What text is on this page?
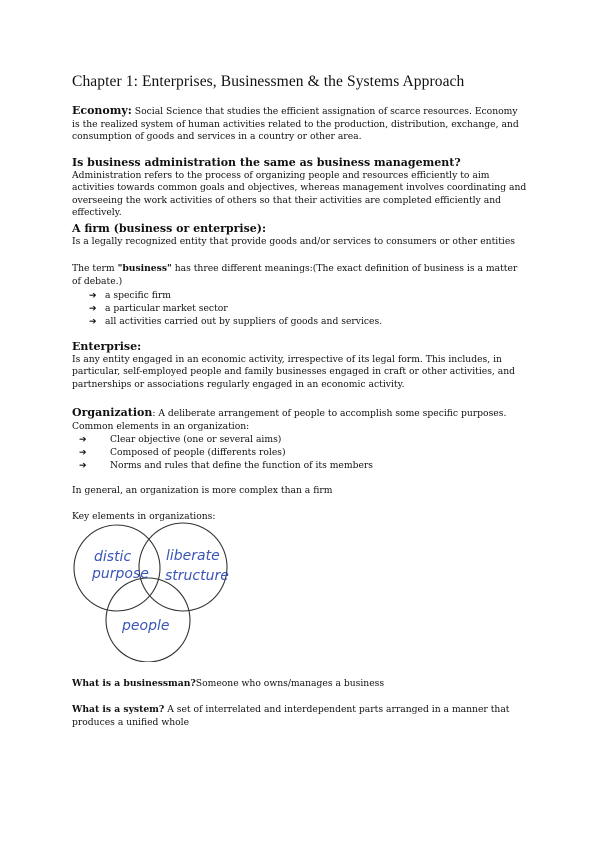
Chapter 1: Enterprises, Businessmen & the Systems Approach
Economy: Social Science that studies the efficient assignation of scarce resources. Economy is the realized system of human activities related to the production, distribution, exchange, and consumption of goods and services in a country or other area.
Is business administration the same as business management?
Administration refers to the process of organizing people and resources efficiently to aim activities towards common goals and objectives, whereas management involves coordinating and overseeing the work activities of others so that their activities are completed efficiently and effectively.
A firm (business or enterprise):
Is a legally recognized entity that provide goods and/or services to consumers or other entities
The term "business" has three different meanings:(The exact definition of business is a matter of debate.)
➔ a specific firm
➔ a particular market sector
➔ all activities carried out by suppliers of goods and services.
Enterprise:
Is any entity engaged in an economic activity, irrespective of its legal form. This includes, in particular, self-employed people and family businesses engaged in craft or other activities, and partnerships or associations regularly engaged in an economic activity.
Organization: A deliberate arrangement of people to accomplish some specific purposes. Common elements in an organization:
➔	Clear objective (one or several aims)
➔	Composed of people (differents roles)
➔	Norms and rules that define the function of its members
In general, an organization is more complex than a firm
Key elements in organizations:
What is a businessman?Someone who owns/manages a business
What is a system? A set of interrelated and interdependent parts arranged in a manner that produces a unified whole
distic
purpose
liberate
structure
people
